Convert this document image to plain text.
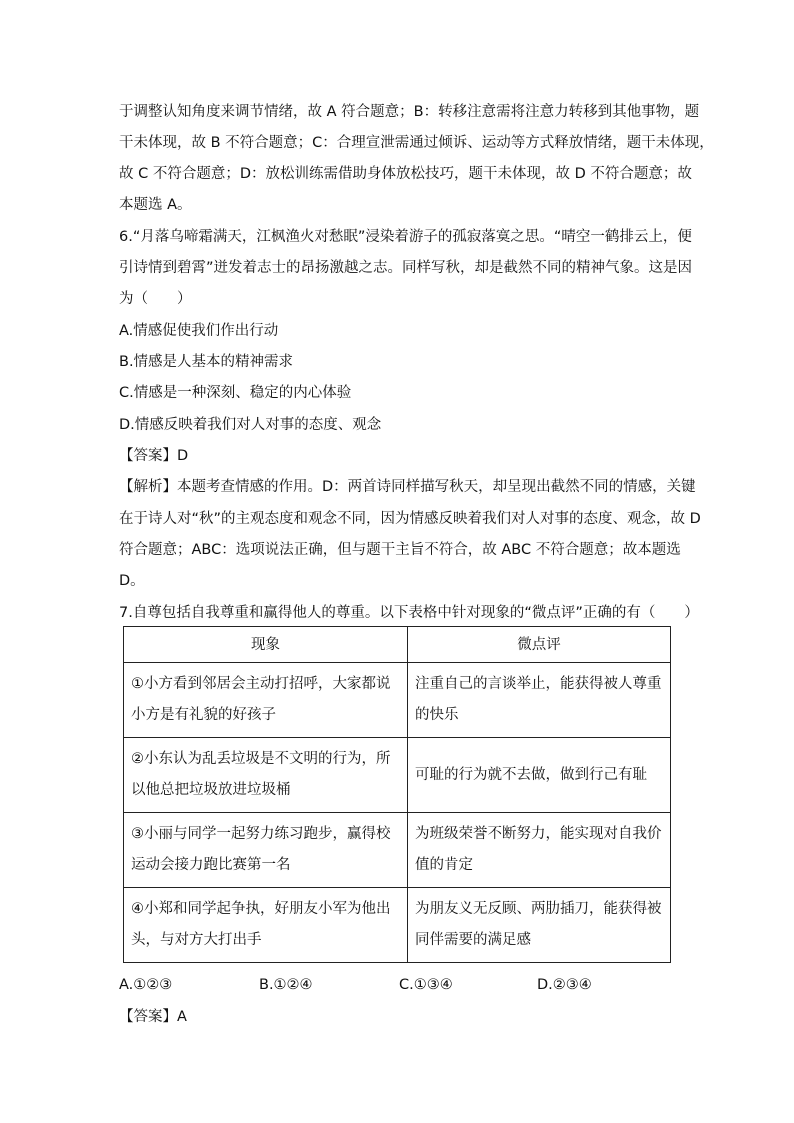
于调整认知角度来调节情绪，故 A 符合题意；B：转移注意需将注意力转移到其他事物，题
干未体现，故 B 不符合题意；C：合理宣泄需通过倾诉、运动等方式释放情绪，题干未体现，
故 C 不符合题意；D：放松训练需借助身体放松技巧，题干未体现，故 D 不符合题意；故
本题选 A。
6.“月落乌啼霜满天，江枫渔火对愁眠”浸染着游子的孤寂落寞之思。“晴空一鹤排云上，便
引诗情到碧霄”迸发着志士的昂扬激越之志。同样写秋，却是截然不同的精神气象。这是因
为（　　）
A.情感促使我们作出行动
B.情感是人基本的精神需求
C.情感是一种深刻、稳定的内心体验
D.情感反映着我们对人对事的态度、观念
【答案】D
【解析】本题考查情感的作用。D：两首诗同样描写秋天，却呈现出截然不同的情感，关键
在于诗人对“秋”的主观态度和观念不同，因为情感反映着我们对人对事的态度、观念，故 D
符合题意；ABC：选项说法正确，但与题干主旨不符合，故 ABC 不符合题意；故本题选
D。
7.自尊包括自我尊重和赢得他人的尊重。以下表格中针对现象的“微点评”正确的有（　　）
现象	微点评
①小方看到邻居会主动打招呼，大家都说小方是有礼貌的好孩子	注重自己的言谈举止，能获得被人尊重的快乐
②小东认为乱丢垃圾是不文明的行为，所以他总把垃圾放进垃圾桶	可耻的行为就不去做，做到行己有耻
③小丽与同学一起努力练习跑步，赢得校运动会接力跑比赛第一名	为班级荣誉不断努力，能实现对自我价值的肯定
④小郑和同学起争执，好朋友小军为他出头，与对方大打出手	为朋友义无反顾、两肋插刀，能获得被同伴需要的满足感
A.①②③	B.①②④	C.①③④	D.②③④
【答案】A
